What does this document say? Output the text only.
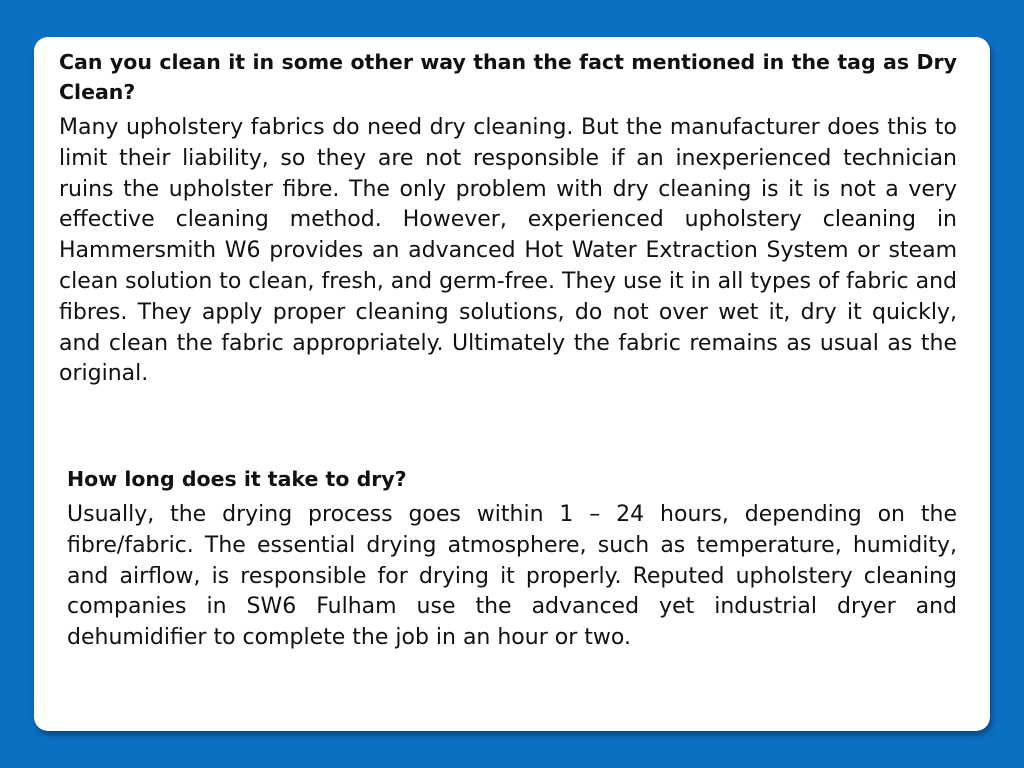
Can you clean it in some other way than the fact mentioned in the tag as Dry Clean?

Many upholstery fabrics do need dry cleaning. But the manufacturer does this to limit their liability, so they are not responsible if an inexperienced technician ruins the upholster fibre. The only problem with dry cleaning is it is not a very effective cleaning method. However, experienced upholstery cleaning in Hammersmith W6 provides an advanced Hot Water Extraction System or steam clean solution to clean, fresh, and germ-free. They use it in all types of fabric and fibres. They apply proper cleaning solutions, do not over wet it, dry it quickly, and clean the fabric appropriately. Ultimately the fabric remains as usual as the original.

How long does it take to dry?

Usually, the drying process goes within 1 – 24 hours, depending on the fibre/fabric. The essential drying atmosphere, such as temperature, humidity, and airflow, is responsible for drying it properly. Reputed upholstery cleaning companies in SW6 Fulham use the advanced yet industrial dryer and dehumidifier to complete the job in an hour or two.
